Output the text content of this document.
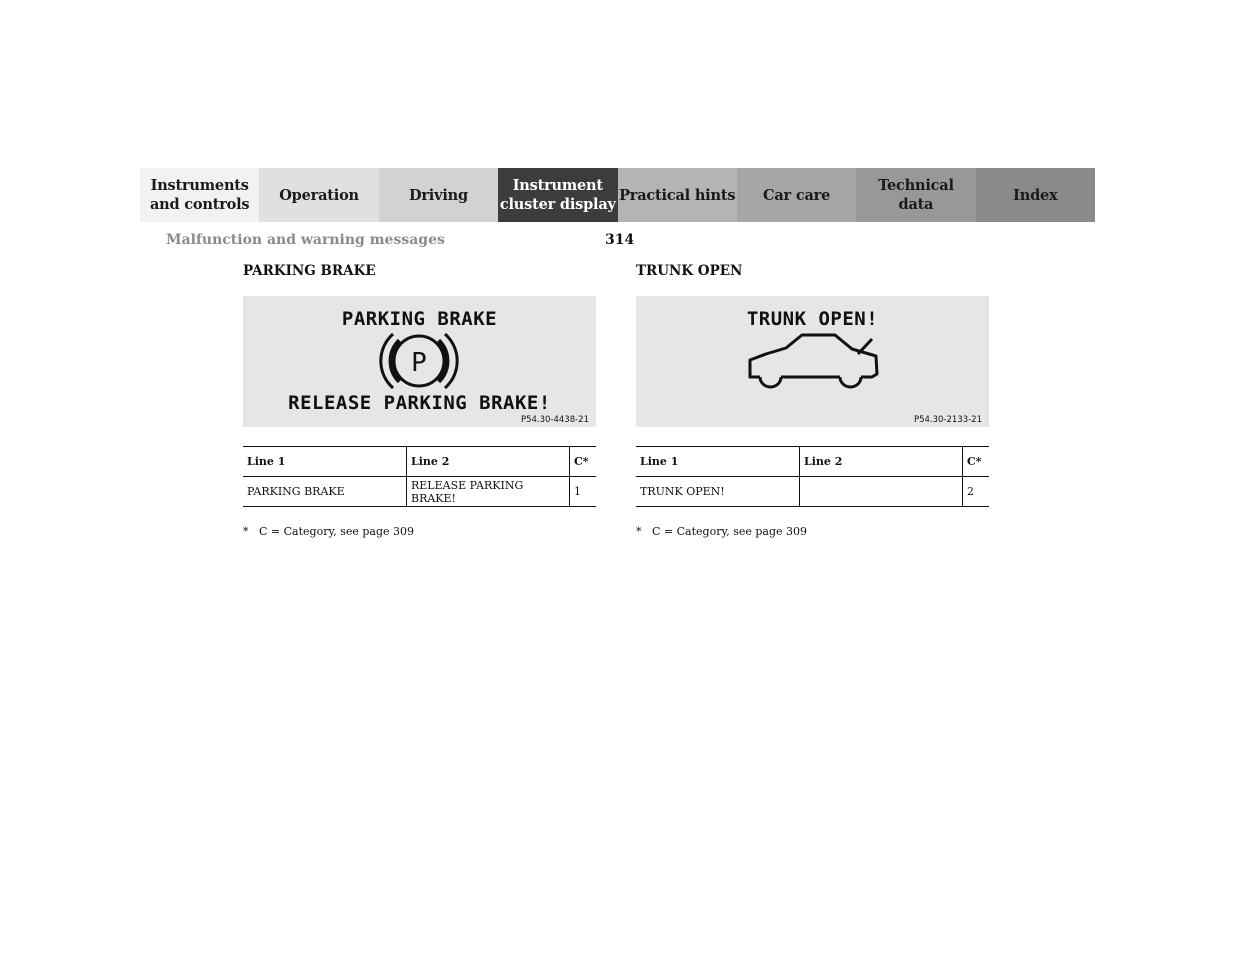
Instruments
and controls
Operation	Driving
Instrument
cluster display
Practical hints	Car care
Technical
data
Index
Malfunction and warning messages	314
PARKING BRAKE
PARKING BRAKE
P
RELEASE PARKING BRAKE!
P54.30-4438-21
Line 1	Line 2	C*
PARKING BRAKE	RELEASE PARKING BRAKE!	1
* C = Category, see page 309
TRUNK OPEN
TRUNK OPEN!
P54.30-2133-21
Line 1	Line 2	C*
TRUNK OPEN!		2
* C = Category, see page 309
